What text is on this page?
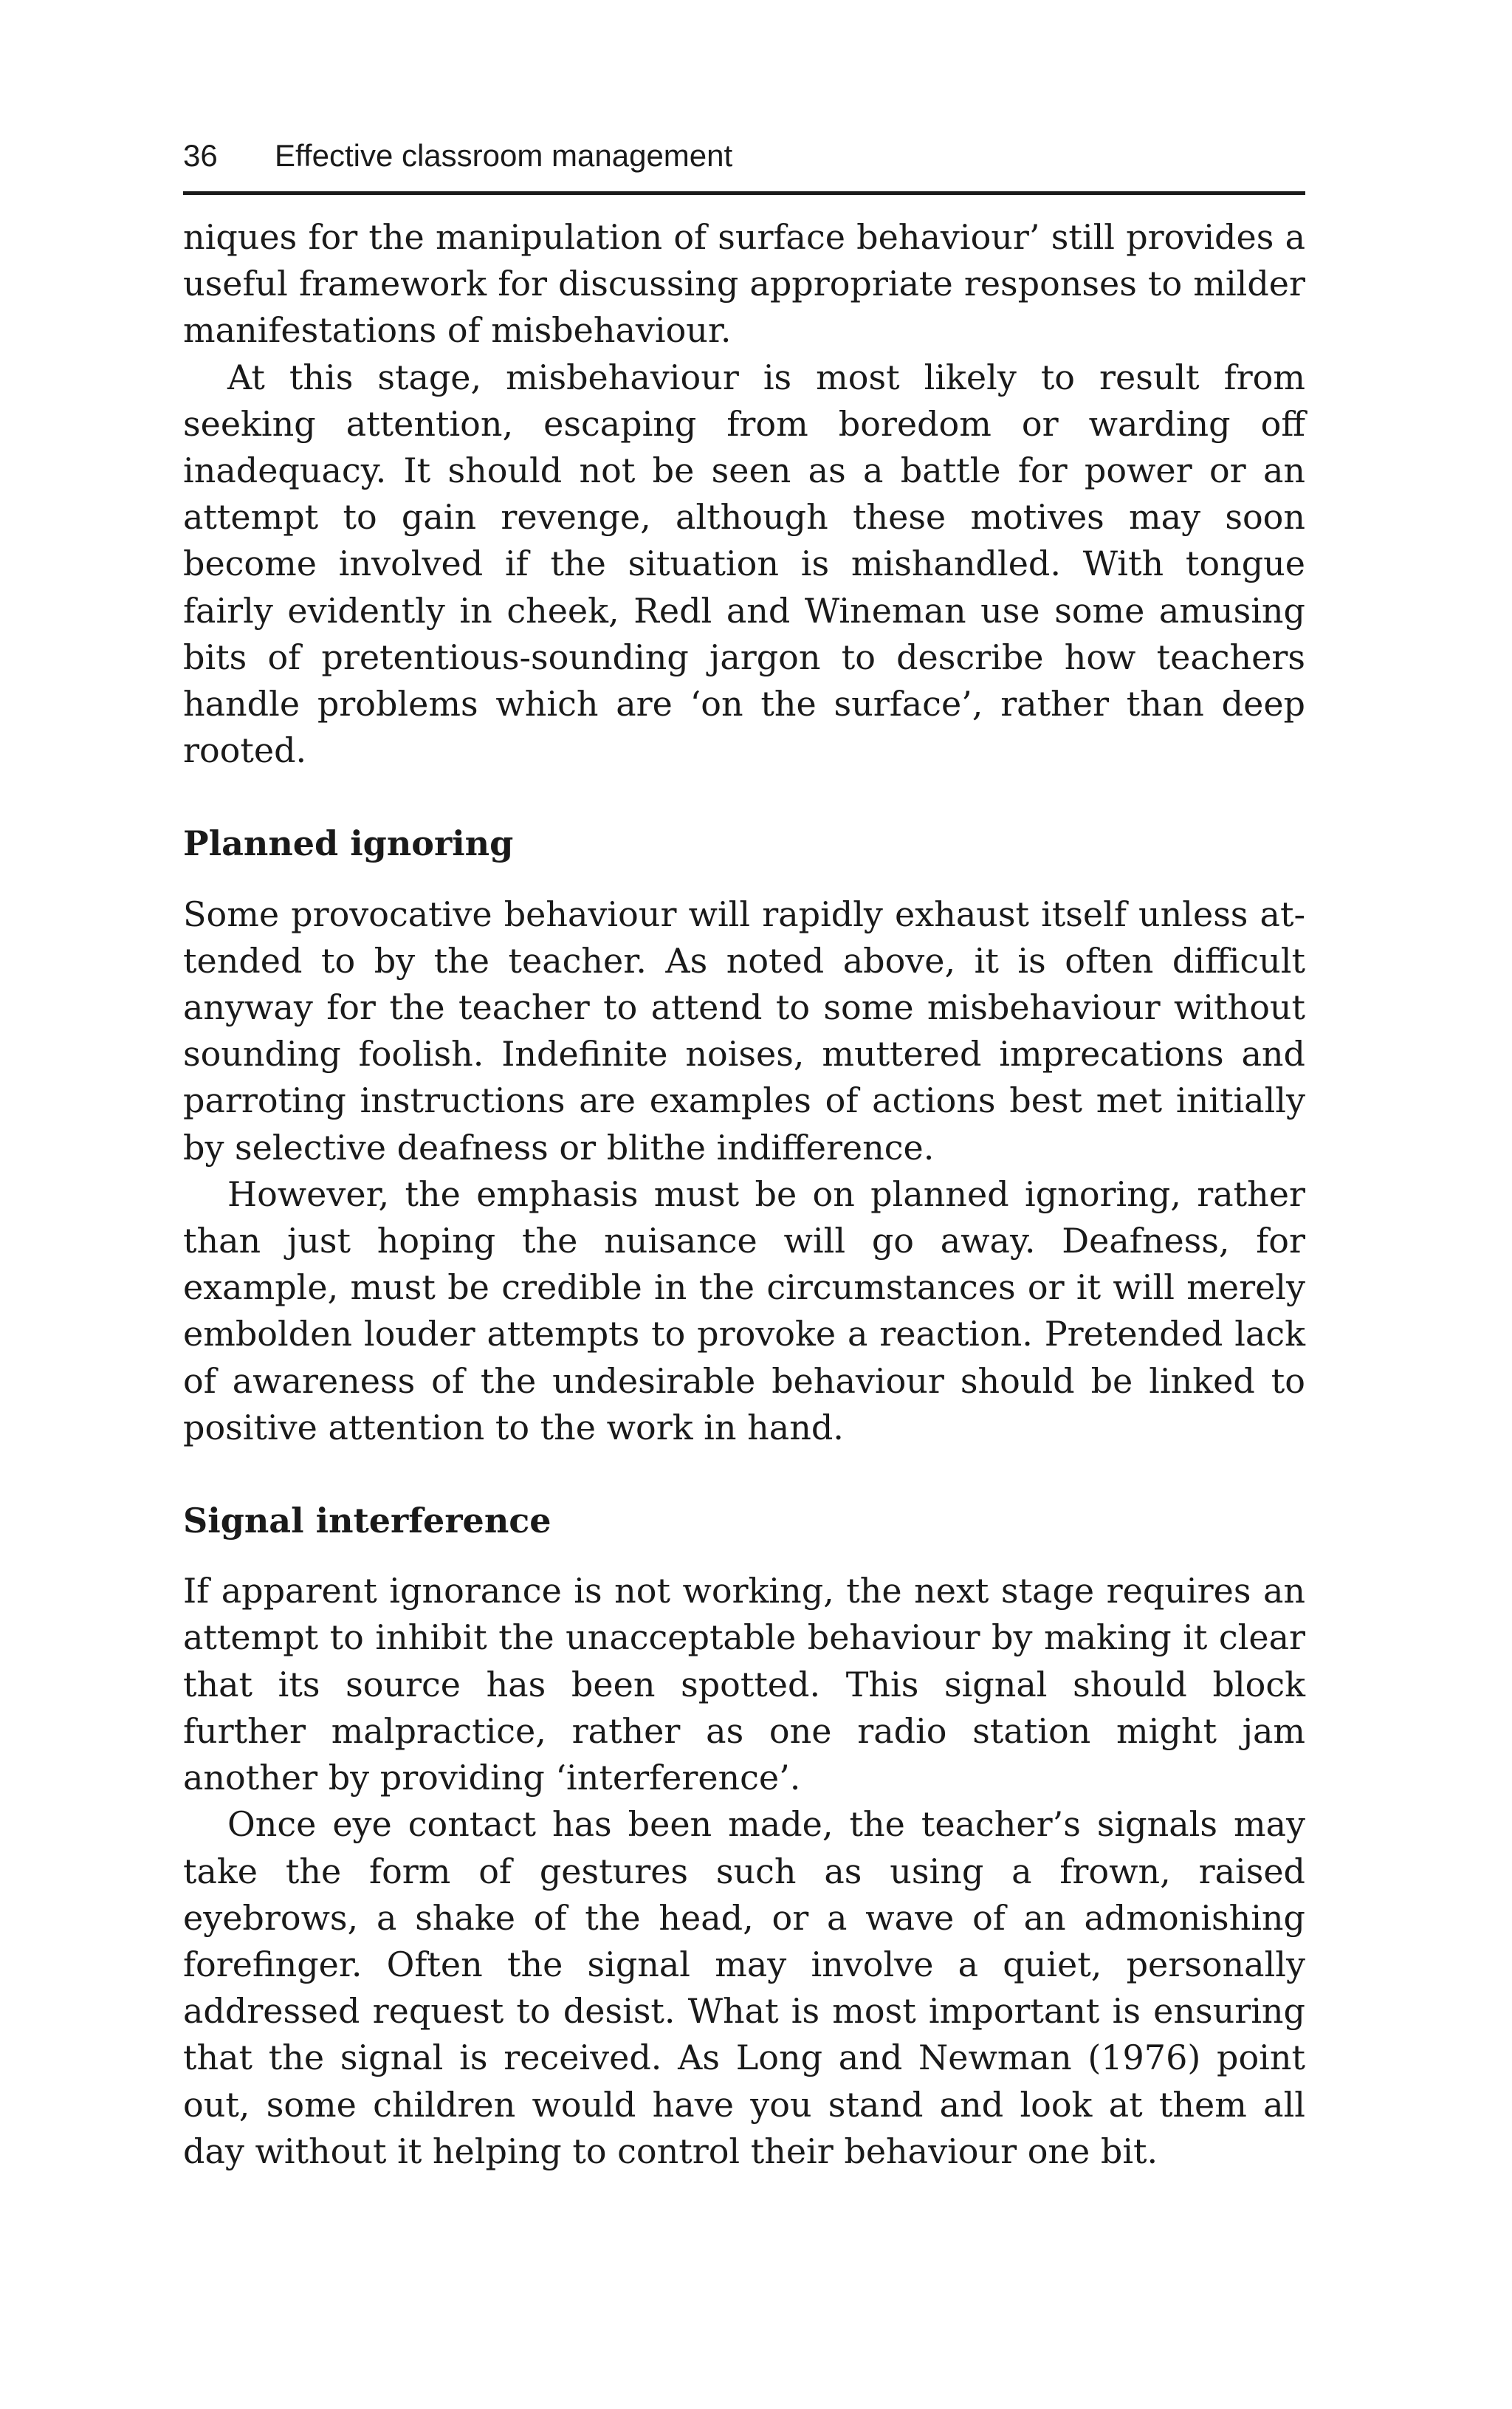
36 Effective classroom management

niques for the manipulation of surface behaviour’ still provides a useful framework for discussing appropriate responses to milder manifestations of misbehaviour.

At this stage, misbehaviour is most likely to result from seeking attention, escaping from boredom or warding off inadequacy. It should not be seen as a battle for power or an attempt to gain revenge, although these motives may soon become involved if the situation is mishandled. With tongue fairly evidently in cheek, Redl and Wineman use some amusing bits of pretentious-sounding jargon to describe how teachers handle problems which are ‘on the surface’, rather than deep rooted.

Planned ignoring

Some provocative behaviour will rapidly exhaust itself unless attended to by the teacher. As noted above, it is often difficult anyway for the teacher to attend to some misbehaviour without sounding foolish. Indefinite noises, muttered imprecations and parroting instructions are examples of actions best met initially by selective deafness or blithe indifference.

However, the emphasis must be on planned ignoring, rather than just hoping the nuisance will go away. Deafness, for example, must be credible in the circumstances or it will merely embolden louder attempts to provoke a reaction. Pretended lack of awareness of the undesirable behaviour should be linked to positive attention to the work in hand.

Signal interference

If apparent ignorance is not working, the next stage requires an attempt to inhibit the unacceptable behaviour by making it clear that its source has been spotted. This signal should block further malpractice, rather as one radio station might jam another by providing ‘interference’.

Once eye contact has been made, the teacher’s signals may take the form of gestures such as using a frown, raised eyebrows, a shake of the head, or a wave of an admonishing forefinger. Often the signal may involve a quiet, personally addressed request to desist. What is most important is ensuring that the signal is received. As Long and Newman (1976) point out, some children would have you stand and look at them all day without it helping to control their behaviour one bit.
